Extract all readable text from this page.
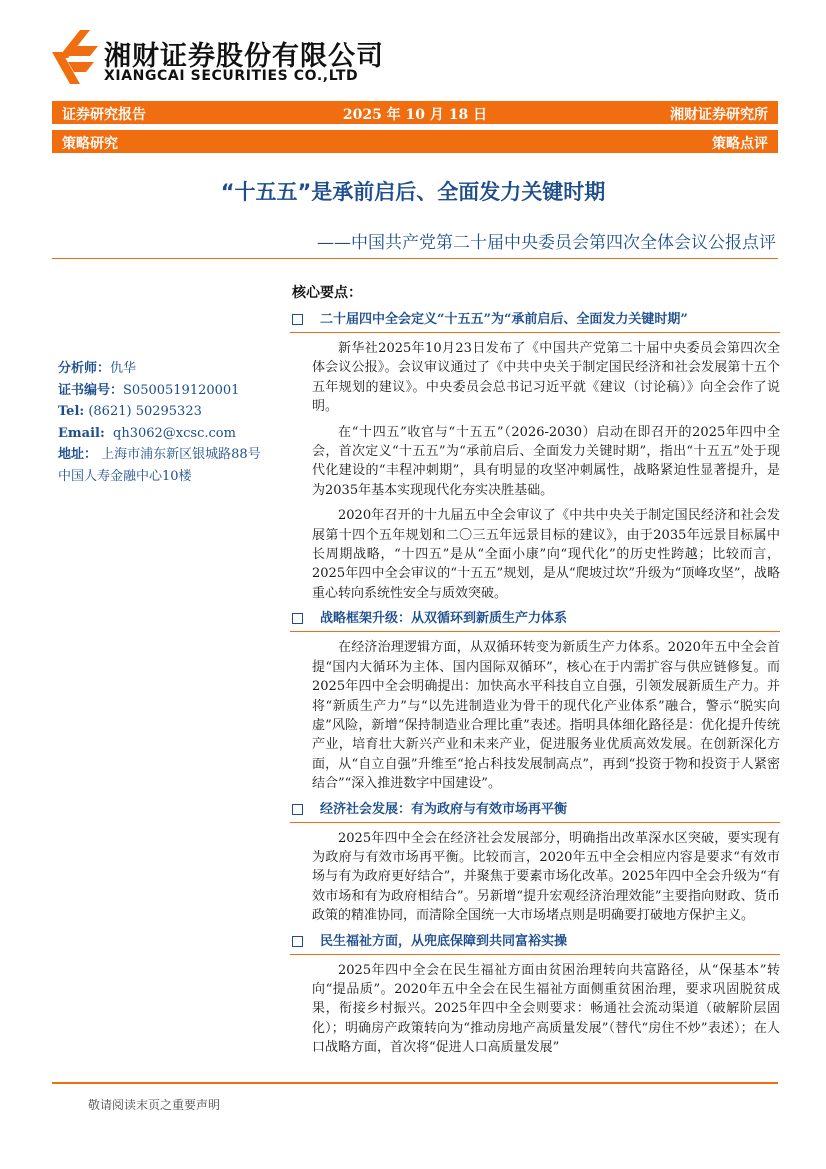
湘财证券股份有限公司
XIANGCAI SECURITIES CO.,LTD
证券研究报告	2025 年 10 月 18 日	湘财证券研究所
策略研究	策略点评
“十五五”是承前启后、全面发力关键时期
——中国共产党第二十届中央委员会第四次全体会议公报点评
分析师：仇华
证书编号：S0500519120001
Tel: (8621) 50295323
Email: qh3062@xcsc.com
地址： 上海市浦东新区银城路88号
中国人寿金融中心10楼
核心要点：
二十届四中全会定义“十五五”为“承前启后、全面发力关键时期”

新华社2025年10月23日发布了《中国共产党第二十届中央委员会第四次全体会议公报》。会议审议通过了《中共中央关于制定国民经济和社会发展第十五个五年规划的建议》。中央委员会总书记习近平就《建议（讨论稿）》向全会作了说明。

在“十四五”收官与“十五五”（2026-2030）启动在即召开的2025年四中全会，首次定义“十五五”为“承前启后、全面发力关键时期”，指出“十五五”处于现代化建设的“丰程冲刺期”，具有明显的攻坚冲刺属性，战略紧迫性显著提升，是为2035年基本实现现代化夯实决胜基础。

2020年召开的十九届五中全会审议了《中共中央关于制定国民经济和社会发展第十四个五年规划和二〇三五年远景目标的建议》，由于2035年远景目标属中长周期战略，“十四五”是从“全面小康”向“现代化”的历史性跨越；比较而言，2025年四中全会审议的“十五五”规划，是从“爬坡过坎”升级为“顶峰攻坚”，战略重心转向系统性安全与质效突破。

战略框架升级：从双循环到新质生产力体系

在经济治理逻辑方面，从双循环转变为新质生产力体系。2020年五中全会首提“国内大循环为主体、国内国际双循环”，核心在于内需扩容与供应链修复。而2025年四中全会明确提出：加快高水平科技自立自强，引领发展新质生产力。并将“新质生产力”与“以先进制造业为骨干的现代化产业体系”融合，警示“脱实向虚”风险，新增“保持制造业合理比重”表述。指明具体细化路径是：优化提升传统产业，培育壮大新兴产业和未来产业，促进服务业优质高效发展。在创新深化方面，从“自立自强”升维至“抢占科技发展制高点”，再到“投资于物和投资于人紧密结合”“深入推进数字中国建设”。

经济社会发展：有为政府与有效市场再平衡

2025年四中全会在经济社会发展部分，明确指出改革深水区突破，要实现有为政府与有效市场再平衡。比较而言，2020年五中全会相应内容是要求“有效市场与有为政府更好结合”，并聚焦于要素市场化改革。2025年四中全会升级为“有效市场和有为政府相结合”。另新增“提升宏观经济治理效能”主要指向财政、货币政策的精准协同，而清除全国统一大市场堵点则是明确要打破地方保护主义。

民生福祉方面，从兜底保障到共同富裕实操

2025年四中全会在民生福祉方面由贫困治理转向共富路径，从“保基本”转向“提品质”。2020年五中全会在民生福祉方面侧重贫困治理，要求巩固脱贫成果，衔接乡村振兴。2025年四中全会则要求：畅通社会流动渠道（破解阶层固化）；明确房产政策转向为“推动房地产高质量发展”（替代“房住不炒”表述）；在人口战略方面，首次将“促进人口高质量发展”

敬请阅读末页之重要声明
